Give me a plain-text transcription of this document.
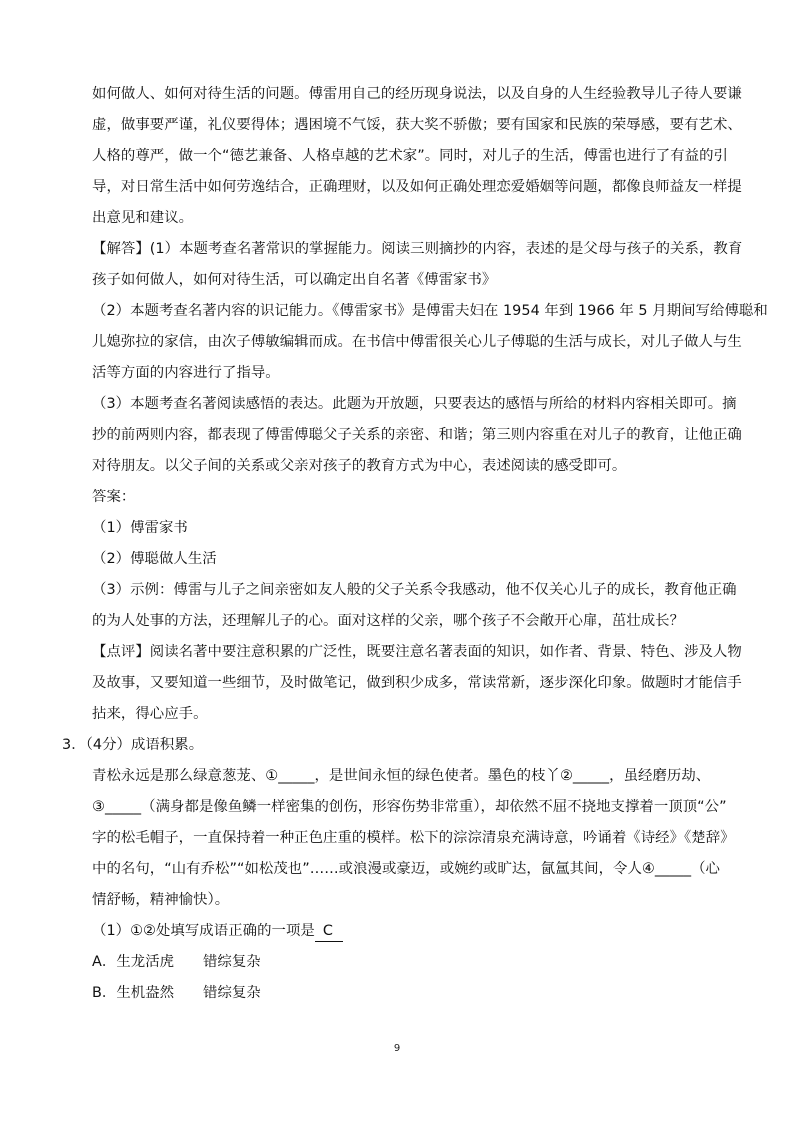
如何做人、如何对待生活的问题。傅雷用自己的经历现身说法，以及自身的人生经验教导儿子待人要谦
虚，做事要严谨，礼仪要得体；遇困境不气馁，获大奖不骄傲；要有国家和民族的荣辱感，要有艺术、
人格的尊严，做一个“德艺兼备、人格卓越的艺术家”。同时，对儿子的生活，傅雷也进行了有益的引
导，对日常生活中如何劳逸结合，正确理财，以及如何正确处理恋爱婚姻等问题，都像良师益友一样提
出意见和建议。
【解答】(1）本题考查名著常识的掌握能力。阅读三则摘抄的内容，表述的是父母与孩子的关系，教育
孩子如何做人，如何对待生活，可以确定出自名著《傅雷家书》
（2）本题考查名著内容的识记能力。《傅雷家书》是傅雷夫妇在 1954 年到 1966 年 5 月期间写给傅聪和
儿媳弥拉的家信，由次子傅敏编辑而成。在书信中傅雷很关心儿子傅聪的生活与成长，对儿子做人与生
活等方面的内容进行了指导。
（3）本题考查名著阅读感悟的表达。此题为开放题，只要表达的感悟与所给的材料内容相关即可。摘
抄的前两则内容，都表现了傅雷傅聪父子关系的亲密、和谐；第三则内容重在对儿子的教育，让他正确
对待朋友。以父子间的关系或父亲对孩子的教育方式为中心，表述阅读的感受即可。
答案：
（1）傅雷家书
（2）傅聪做人生活
（3）示例：傅雷与儿子之间亲密如友人般的父子关系令我感动，他不仅关心儿子的成长，教育他正确
的为人处事的方法，还理解儿子的心。面对这样的父亲，哪个孩子不会敞开心扉，茁壮成长？
【点评】阅读名著中要注意积累的广泛性，既要注意名著表面的知识，如作者、背景、特色、涉及人物
及故事，又要知道一些细节，及时做笔记，做到积少成多，常读常新，逐步深化印象。做题时才能信手
拈来，得心应手。
3．（4分）成语积累。
青松永远是那么绿意葱茏、①_____，是世间永恒的绿色使者。墨色的枝丫②_____，虽经磨历劫、
③_____（满身都是像鱼鳞一样密集的创伤，形容伤势非常重），却依然不屈不挠地支撑着一顶顶“公”
字的松毛帽子，一直保持着一种正色庄重的模样。松下的淙淙清泉充满诗意，吟诵着《诗经》《楚辞》
中的名句，“山有乔松”“如松茂也”……或浪漫或豪迈，或婉约或旷达，氤氲其间，令人④_____（心
情舒畅，精神愉快）。
（1）①②处填写成语正确的一项是 C
A．生龙活虎　　错综复杂
B．生机盎然　　错综复杂
9
